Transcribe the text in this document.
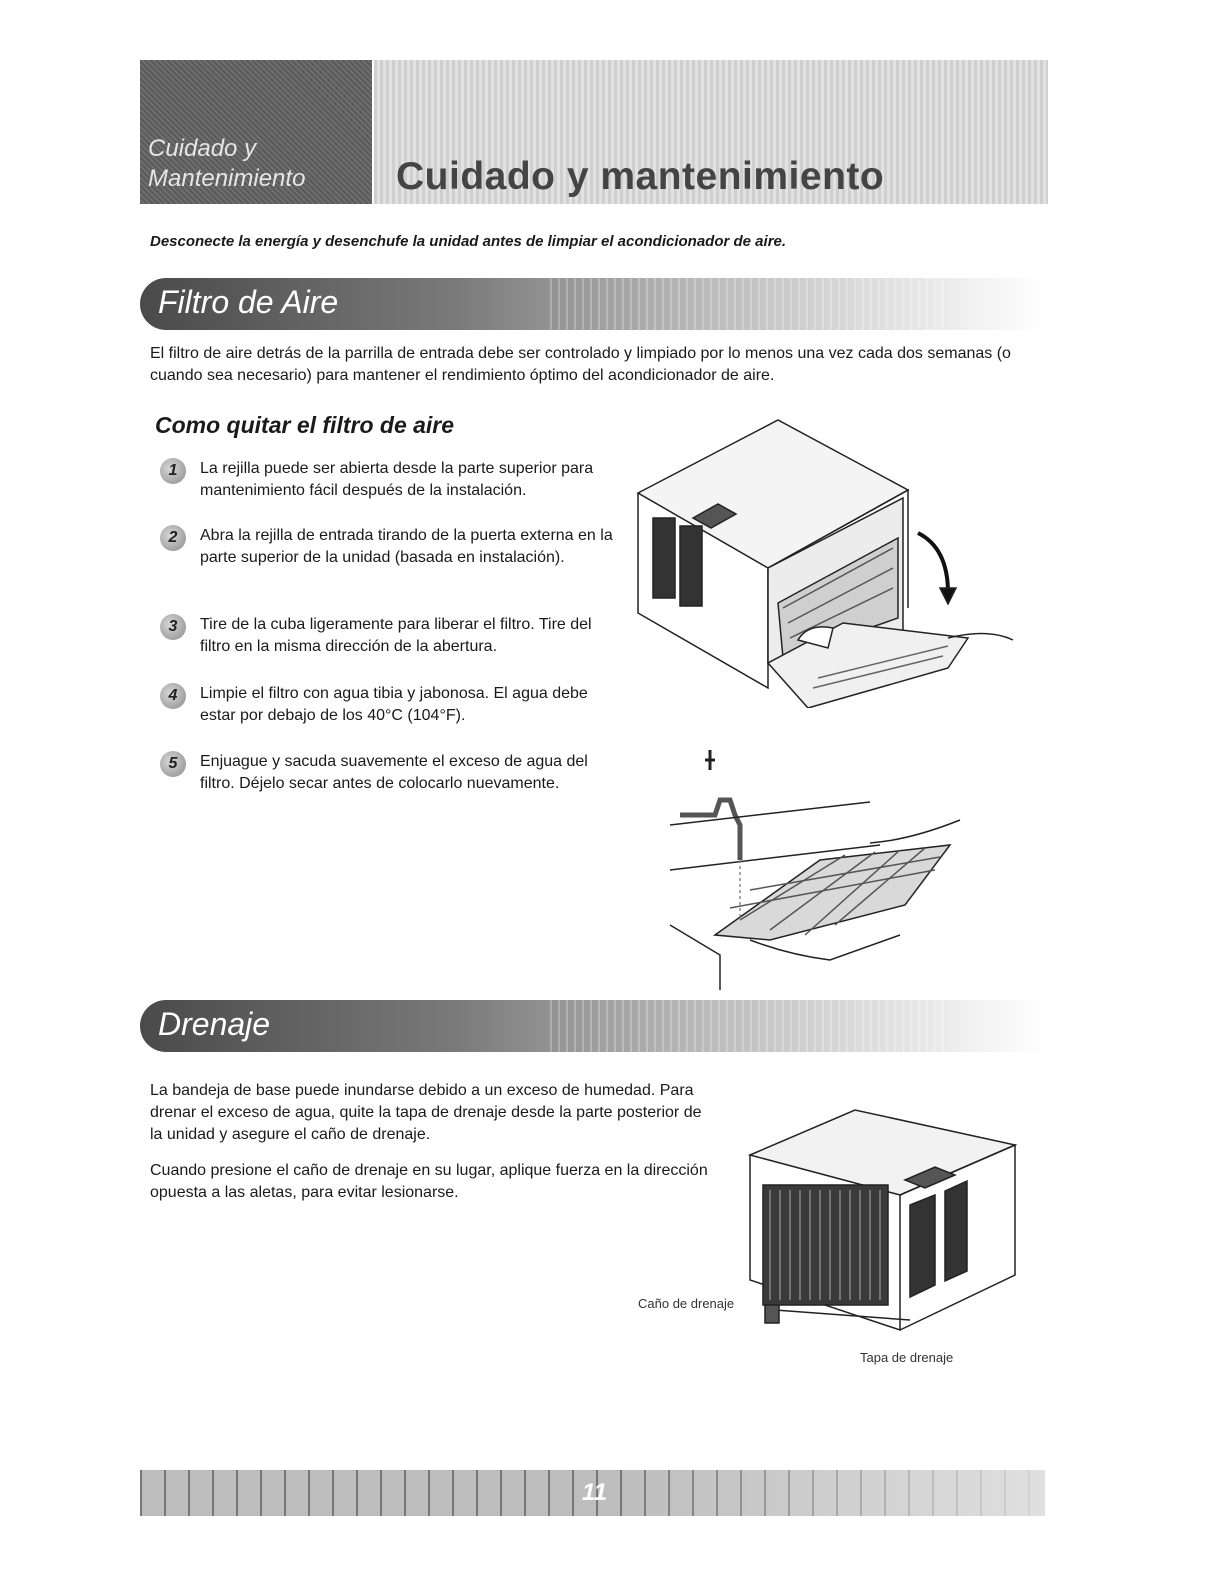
Cuidado y Mantenimiento	Cuidado y mantenimiento
Desconecte la energía y desenchufe la unidad antes de limpiar el acondicionador de aire.
Filtro de Aire
El filtro de aire detrás de la parrilla de entrada debe ser controlado y limpiado por lo menos una vez cada dos semanas (o cuando sea necesario) para mantener el rendimiento óptimo del acondicionador de aire.
Como quitar el filtro de aire
1	La rejilla puede ser abierta desde la parte superior para mantenimiento fácil después de la instalación.
2	Abra la rejilla de entrada tirando de la puerta externa en la parte superior de la unidad (basada en instalación).
3	Tire de la cuba ligeramente para liberar el filtro. Tire del filtro en la misma dirección de la abertura.
4	Limpie el filtro con agua tibia y jabonosa. El agua debe estar por debajo de los 40°C (104°F).
5	Enjuague y sacuda suavemente el exceso de agua del filtro. Déjelo secar antes de colocarlo nuevamente.
Drenaje
La bandeja de base puede inundarse debido a un exceso de humedad. Para drenar el exceso de agua, quite la tapa de drenaje desde la parte posterior de la unidad y asegure el caño de drenaje.
Cuando presione el caño de drenaje en su lugar, aplique fuerza en la dirección opuesta a las aletas, para evitar lesionarse.
Caño de drenaje
Tapa de drenaje
11
